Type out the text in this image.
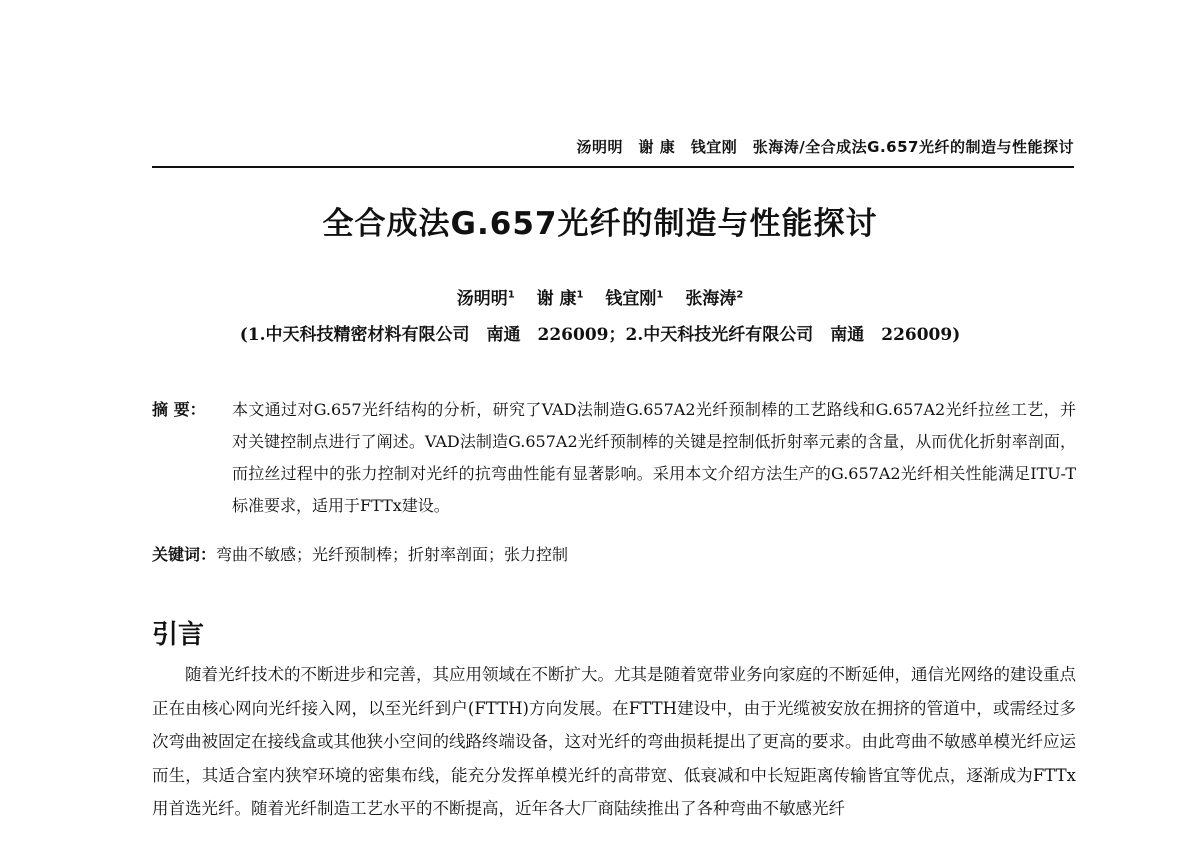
汤明明　谢 康　钱宜刚　张海涛/全合成法G.657光纤的制造与性能探讨
全合成法G.657光纤的制造与性能探讨
汤明明$^1$ 谢 康$^1$ 钱宜刚$^1$ 张海涛$^2$
(1.中天科技精密材料有限公司　南通　226009；2.中天科技光纤有限公司　南通　226009)
摘 要： 本文通过对G.657光纤结构的分析，研究了VAD法制造G.657A2光纤预制棒的工艺路线和G.657A2光纤拉丝工艺，并对关键控制点进行了阐述。VAD法制造G.657A2光纤预制棒的关键是控制低折射率元素的含量，从而优化折射率剖面，而拉丝过程中的张力控制对光纤的抗弯曲性能有显著影响。采用本文介绍方法生产的G.657A2光纤相关性能满足ITU-T标准要求，适用于FTTx建设。
关键词：弯曲不敏感；光纤预制棒；折射率剖面；张力控制
引言
随着光纤技术的不断进步和完善，其应用领域在不断扩大。尤其是随着宽带业务向家庭的不断延伸，通信光网络的建设重点正在由核心网向光纤接入网，以至光纤到户(FTTH)方向发展。在FTTH建设中，由于光缆被安放在拥挤的管道中，或需经过多次弯曲被固定在接线盒或其他狭小空间的线路终端设备，这对光纤的弯曲损耗提出了更高的要求。由此弯曲不敏感单模光纤应运而生，其适合室内狭窄环境的密集布线，能充分发挥单模光纤的高带宽、低衰减和中长短距离传输皆宜等优点，逐渐成为FTTx用首选光纤。随着光纤制造工艺水平的不断提高，近年各大厂商陆续推出了各种弯曲不敏感光纤
